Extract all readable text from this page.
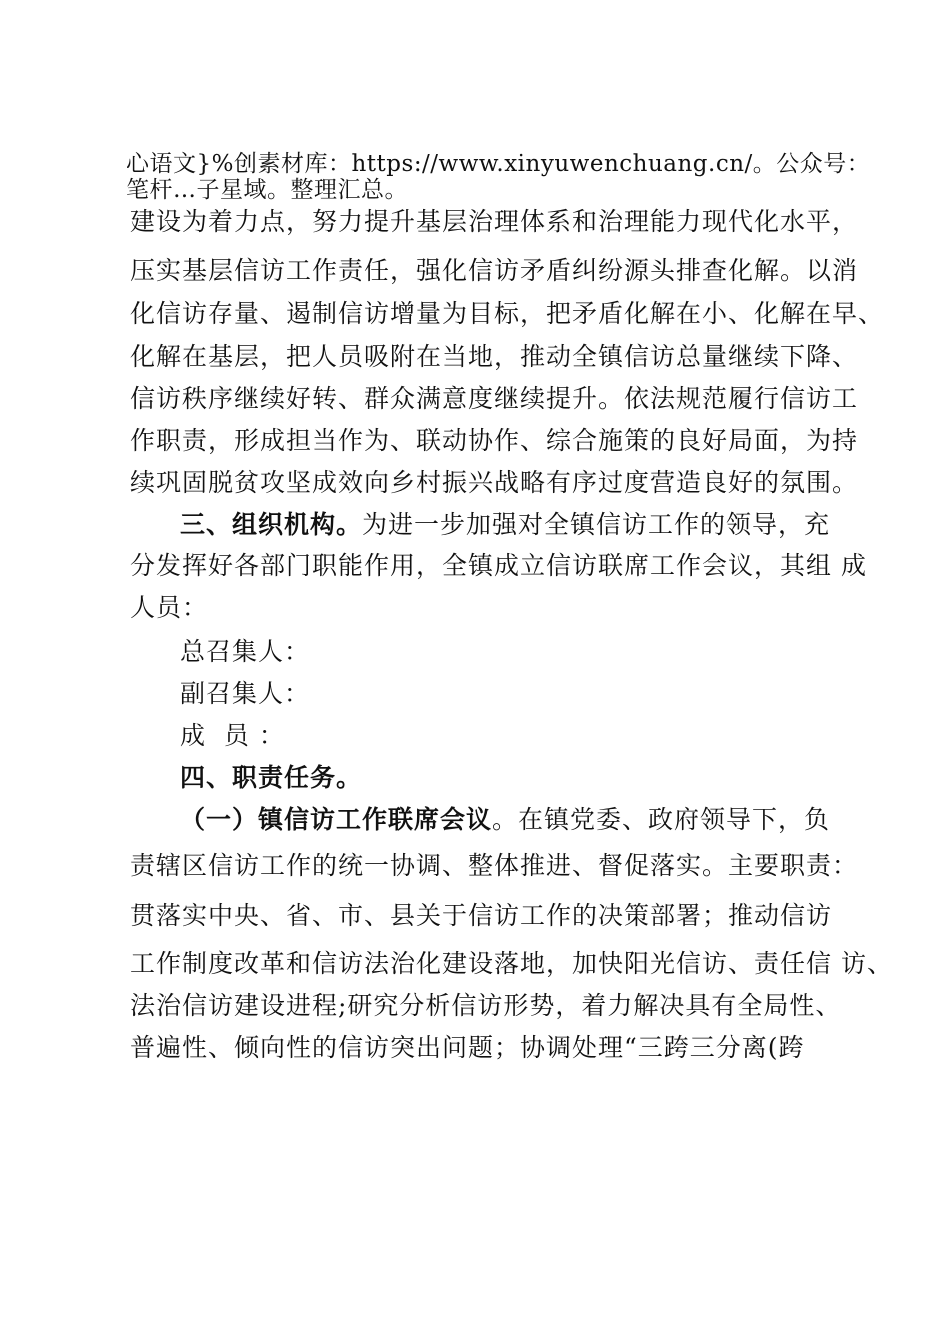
心语文}%创素材库：https://www.xinyuwenchuang.cn/。公众号：
笔杆…子星域。整理汇总。
建设为着力点，努力提升基层治理体系和治理能力现代化水平，
压实基层信访工作责任，强化信访矛盾纠纷源头排查化解。以消
化信访存量、遏制信访增量为目标，把矛盾化解在小、化解在早、
化解在基层，把人员吸附在当地，推动全镇信访总量继续下降、
信访秩序继续好转、群众满意度继续提升。依法规范履行信访工
作职责，形成担当作为、联动协作、综合施策的良好局面，为持
续巩固脱贫攻坚成效向乡村振兴战略有序过度营造良好的氛围。
三、组织机构。为进一步加强对全镇信访工作的领导，充
分发挥好各部门职能作用，全镇成立信访联席工作会议，其组 成
人员：
总召集人：
副召集人：
成  员 ：
四、职责任务。
（一）镇信访工作联席会议。在镇党委、政府领导下，负
责辖区信访工作的统一协调、整体推进、督促落实。主要职责：
贯落实中央、省、市、县关于信访工作的决策部署；推动信访
工作制度改革和信访法治化建设落地，加快阳光信访、责任信 访、
法治信访建设进程;研究分析信访形势，着力解决具有全局性、
普遍性、倾向性的信访突出问题；协调处理“三跨三分离(跨
